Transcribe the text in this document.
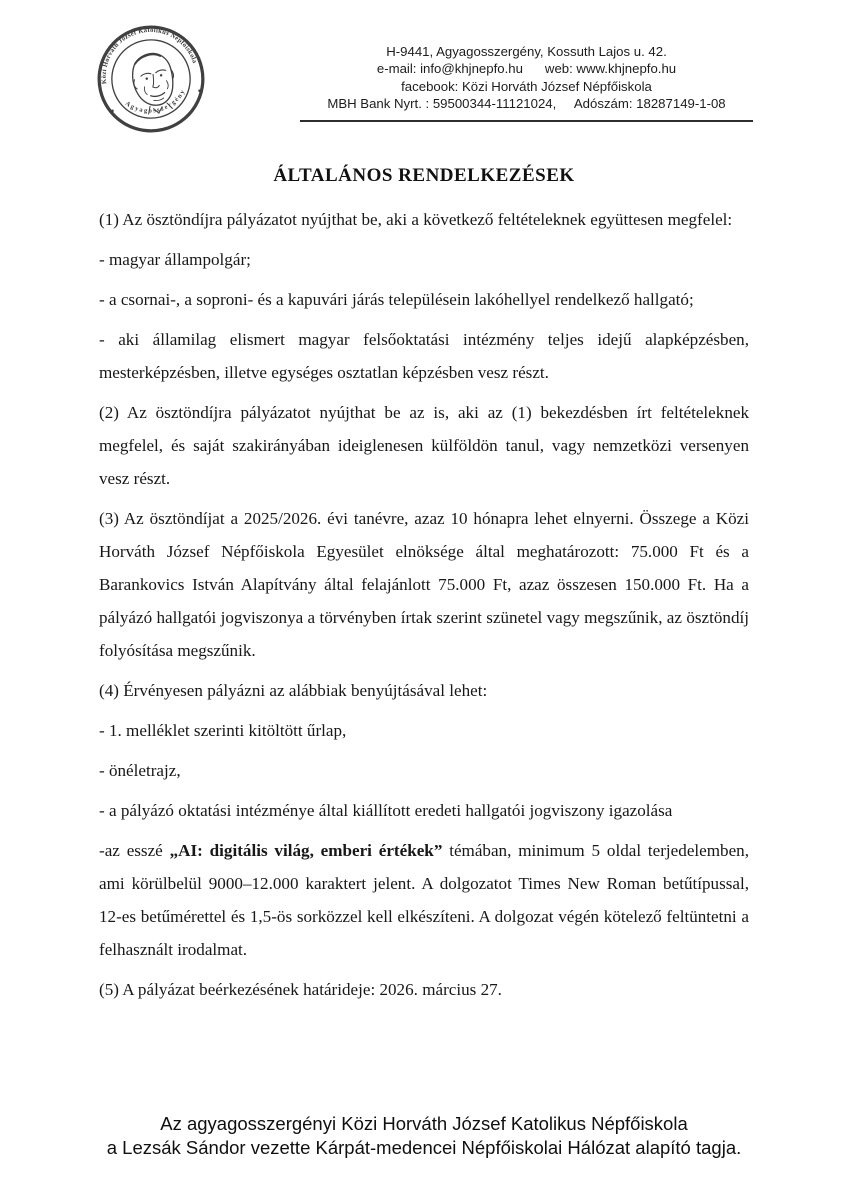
Közi Horváth József Katolikus Népfőiskola
Agyagosszergény
H-9441, Agyagosszergény, Kossuth Lajos u. 42.
e-mail: info@khjnepfo.hu      web: www.khjnepfo.hu
facebook: Közi Horváth József Népfőiskola
MBH Bank Nyrt. : 59500344-11121024,     Adószám: 18287149-1-08
ÁLTALÁNOS RENDELKEZÉSEK

(1) Az ösztöndíjra pályázatot nyújthat be, aki a következő feltételeknek együttesen megfelel:

- magyar állampolgár;

- a csornai-, a soproni- és a kapuvári járás településein lakóhellyel rendelkező hallgató;

- aki államilag elismert magyar felsőoktatási intézmény teljes idejű alapképzésben, mesterképzésben, illetve egységes osztatlan képzésben vesz részt.

(2) Az ösztöndíjra pályázatot nyújthat be az is, aki az (1) bekezdésben írt feltételeknek megfelel, és saját szakirányában ideiglenesen külföldön tanul, vagy nemzetközi versenyen vesz részt.

(3) Az ösztöndíjat a 2025/2026. évi tanévre, azaz 10 hónapra lehet elnyerni. Összege a Közi Horváth József Népfőiskola Egyesület elnöksége által meghatározott: 75.000 Ft és a Barankovics István Alapítvány által felajánlott 75.000 Ft, azaz összesen 150.000 Ft. Ha a pályázó hallgatói jogviszonya a törvényben írtak szerint szünetel vagy megszűnik, az ösztöndíj folyósítása megszűnik.

(4) Érvényesen pályázni az alábbiak benyújtásával lehet:

- 1. melléklet szerinti kitöltött űrlap,

- önéletrajz,

- a pályázó oktatási intézménye által kiállított eredeti hallgatói jogviszony igazolása

-az esszé „AI: digitális világ, emberi értékek” témában, minimum 5 oldal terjedelemben, ami körülbelül 9000–12.000 karaktert jelent. A dolgozatot Times New Roman betűtípussal, 12-es betűmérettel és 1,5-ös sorközzel kell elkészíteni. A dolgozat végén kötelező feltüntetni a felhasznált irodalmat.

(5) A pályázat beérkezésének határideje: 2026. március 27.

Az agyagosszergényi Közi Horváth József Katolikus Népfőiskola
a Lezsák Sándor vezette Kárpát-medencei Népfőiskolai Hálózat alapító tagja.
